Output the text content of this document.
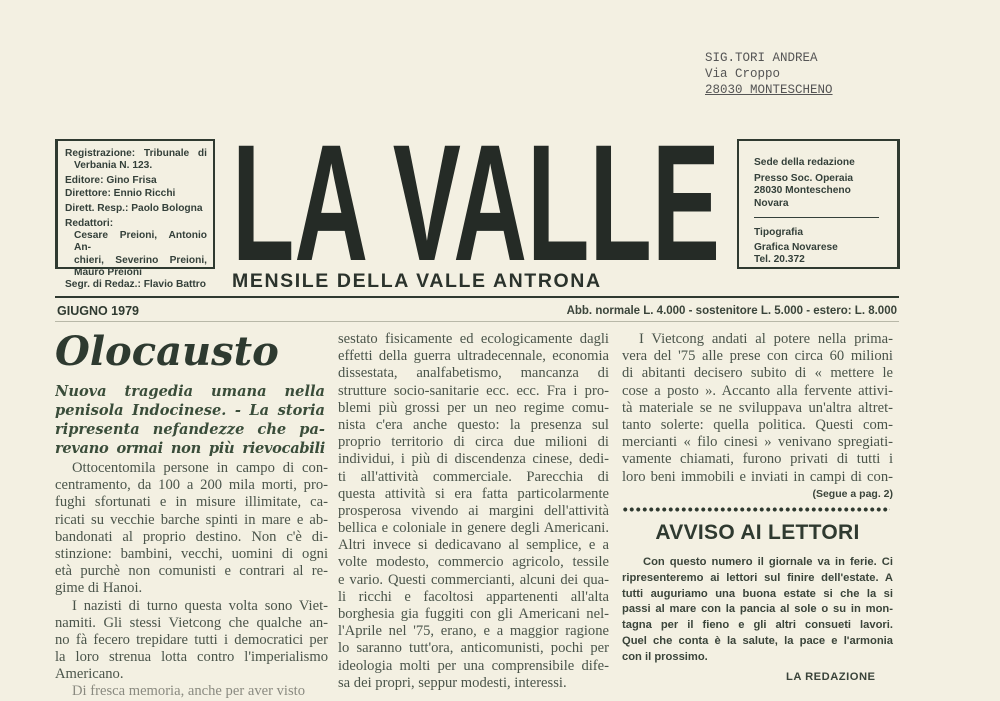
SIG.TORI ANDREA
Via Croppo
28030 MONTESCHENO
Registrazione: Tribunale di
Verbania N. 123.
Editore: Gino Frisa
Direttore: Ennio Ricchi
Dirett. Resp.: Paolo Bologna
Redattori:
Cesare Preioni, Antonio An-
chieri, Severino Preioni,
Mauro Preioni
Segr. di Redaz.: Flavio Battro LA VALLE
MENSILE DELLA VALLE ANTRONA
Sede della redazione
Presso Soc. Operaia
28030 Montescheno
Novara
Tipografia
Grafica Novarese
Tel. 20.372
GIUGNO 1979	Abb. normale L. 4.000 - sostenitore L. 5.000 - estero: L. 8.000
Olocausto
Nuova tragedia umana nella
penisola Indocinese. - La storia
ripresenta nefandezze che pa-
revano ormai non più rievocabili
Ottocentomila persone in campo di con-
centramento, da 100 a 200 mila morti, pro-
fughi sfortunati e in misure illimitate, ca-
ricati su vecchie barche spinti in mare e ab-
bandonati al proprio destino. Non c'è di-
stinzione: bambini, vecchi, uomini di ogni
età purchè non comunisti e contrari al re-
gime di Hanoi.
I nazisti di turno questa volta sono Viet-
namiti. Gli stessi Vietcong che qualche an-
no fà fecero trepidare tutti i democratici per
la loro strenua lotta contro l'imperialismo
Americano.
Di fresca memoria, anche per aver visto
sestato fisicamente ed ecologicamente dagli
effetti della guerra ultradecennale, economia
dissestata, analfabetismo, mancanza di
strutture socio-sanitarie ecc. ecc. Fra i pro-
blemi più grossi per un neo regime comu-
nista c'era anche questo: la presenza sul
proprio territorio di circa due milioni di
individui, i più di discendenza cinese, dedi-
ti all'attività commerciale. Parecchia di
questa attività si era fatta particolarmente
prosperosa vivendo ai margini dell'attività
bellica e coloniale in genere degli Americani.
Altri invece si dedicavano al semplice, e a
volte modesto, commercio agricolo, tessile
e vario. Questi commercianti, alcuni dei qua-
li ricchi e facoltosi appartenenti all'alta
borghesia gia fuggiti con gli Americani nel-
l'Aprile nel '75, erano, e a maggior ragione
lo saranno tutt'ora, anticomunisti, pochi per
ideologia molti per una comprensibile dife-
sa dei propri, seppur modesti, interessi.
I Vietcong andati al potere nella prima-
vera del '75 alle prese con circa 60 milioni
di abitanti decisero subito di « mettere le
cose a posto ». Accanto alla fervente attivi-
tà materiale se ne sviluppava un'altra altret-
tanto solerte: quella politica. Questi com-
mercianti « filo cinesi » venivano spregiati-
vamente chiamati, furono privati di tutti i
loro beni immobili e inviati in campi di con-
(Segue a pag. 2)
AVVISO AI LETTORI
Con questo numero il giornale va in ferie. Ci
ripresenteremo ai lettori sul finire dell'estate. A
tutti auguriamo una buona estate si che la si
passi al mare con la pancia al sole o su in mon-
tagna per il fieno e gli altri consueti lavori.
Quel che conta è la salute, la pace e l'armonia
con il prossimo.
LA REDAZIONE
